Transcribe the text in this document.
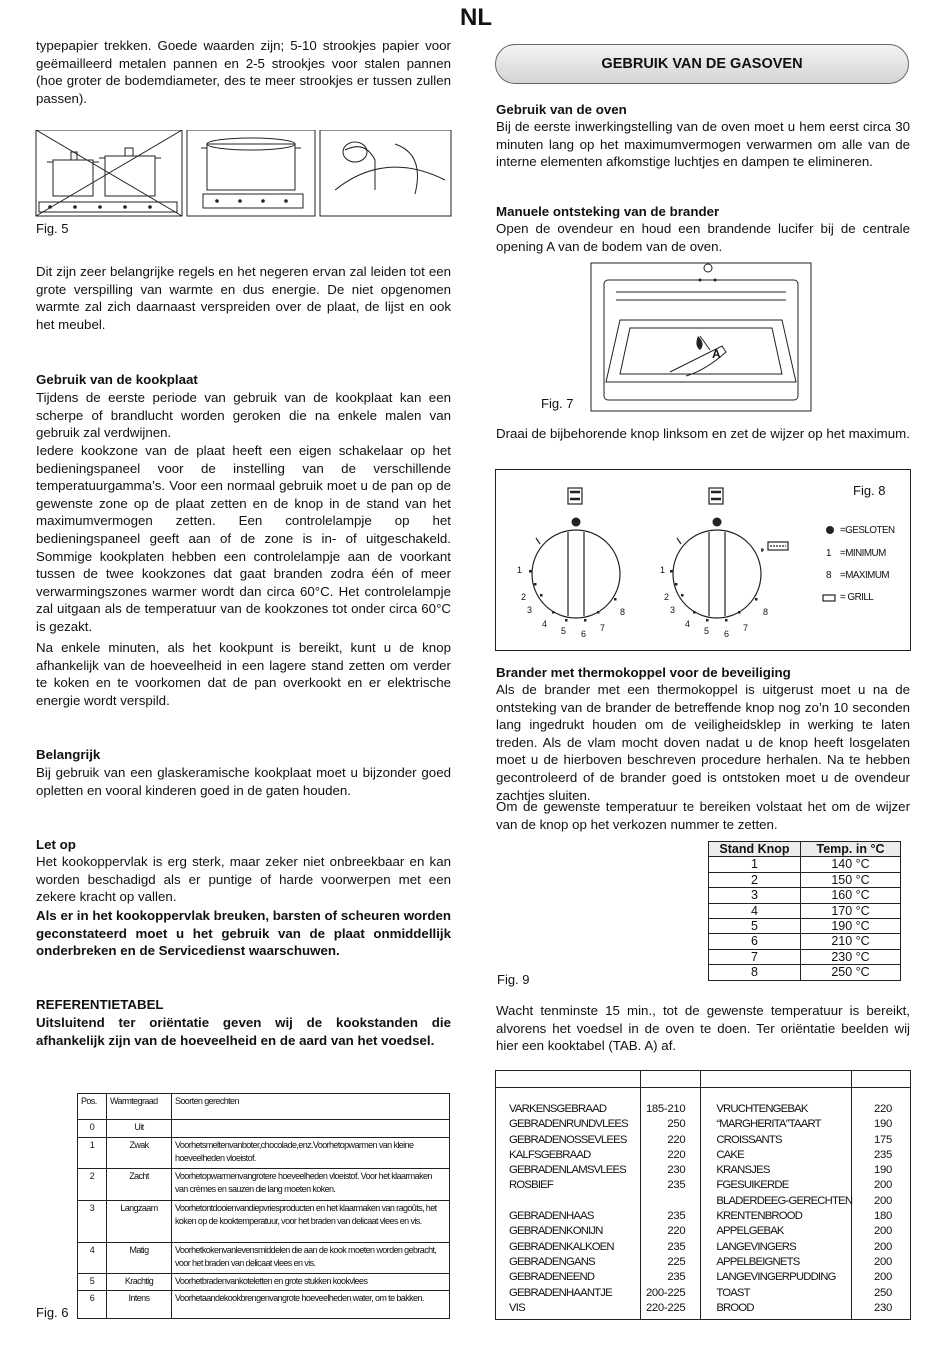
NL

typepapier trekken. Goede waarden zijn; 5-10 strookjes papier voor geëmailleerd metalen pannen en 2-5 strookjes voor stalen pannen (hoe groter de bodemdiameter, des te meer strookjes er tussen zullen passen).

Fig. 5

Dit zijn zeer belangrijke regels en het negeren ervan zal leiden tot een grote verspilling van warmte en dus energie. De niet opgenomen warmte zal zich daarnaast verspreiden over de plaat, de lijst en ook het meubel.

Gebruik van de kookplaat

Tijdens de eerste periode van gebruik van de kookplaat kan een scherpe of brandlucht worden geroken die na enkele malen van gebruik zal verdwijnen.

Iedere kookzone van de plaat heeft een eigen schakelaar op het bedieningspaneel voor de instelling van de verschillende temperatuurgamma’s. Voor een normaal gebruik moet u de pan op de gewenste zone op de plaat zetten en de knop in de stand van het maximumvermogen zetten. Een controlelampje op het bedieningspaneel geeft aan of de zone is in- of uitgeschakeld. Sommige kookplaten hebben een controlelampje aan de voorkant tussen de twee kookzones dat gaat branden zodra één of meer verwarmingszones warmer wordt dan circa 60°C. Het controlelampje zal uitgaan als de temperatuur van de kookzones tot onder circa 60°C is gezakt.

Na enkele minuten, als het kookpunt is bereikt, kunt u de knop afhankelijk van de hoeveelheid in een lagere stand zetten om verder te koken en te voorkomen dat de pan overkookt en er elektrische energie wordt verspild.

Belangrijk

Bij gebruik van een glaskeramische kookplaat moet u bijzonder goed opletten en vooral kinderen goed in de gaten houden.

Let op

Het kookoppervlak is erg sterk, maar zeker niet onbreekbaar en kan worden beschadigd als er puntige of harde voorwerpen met een zekere kracht op vallen.

Als er in het kookoppervlak breuken, barsten of scheuren worden geconstateerd moet u het gebruik van de plaat onmiddellijk onderbreken en de Servicedienst waarschuwen.

REFERENTIETABEL

Uitsluitend ter oriëntatie geven wij de kookstanden die afhankelijk zijn van de hoeveelheid en de aard van het voedsel.

Pos.	Warmtegraad	Soorten gerechten
0	Uit	
1	Zwak	Voorhetsmeltenvanboter,chocolade,enz.Voorhetopwarmen van kleine hoeveelheden vloeistof.
2	Zacht	Voorhetopwarmenvangrotere hoeveelheden vloeistof. Voor het klaarmaken van crèmes en sauzen die lang moeten koken.
3	Langzaam	Voorhetontdooienvandiepvriesproducten en het klaarmaken van ragoûts, het koken op de kooktemperatuur, voor het braden van delicaat vlees en vis.
4	Matig	Voorhetkokenvanlevensmiddelen die aan de kook moeten worden gebracht, voor het braden van delicaat vlees en vis.
5	Krachtig	Voorhetbradenvankoteletten en grote stukken kookvlees
6	Intens	Voorhetaandekookbrengenvangrote hoeveelheden water, om te bakken.
Fig. 6
GEBRUIK VAN DE GASOVEN

Gebruik van de oven

Bij de eerste inwerkingstelling van de oven moet u hem eerst circa 30 minuten lang op het maximumvermogen verwarmen om alle van de interne elementen afkomstige luchtjes en dampen te elimineren.

Manuele ontsteking van de brander

Open de ovendeur en houd een brandende lucifer bij de centrale opening A van de bodem van de oven.

A
Fig. 7

Draai de bijbehorende knop linksom en zet de wijzer op het maximum.

1
2
3
4
5 6
7
8
1
2
3
4
5 6
7
8
Fig. 8
=GESLOTEN
1 =MINIMUM
8 =MAXIMUM
= GRILL

Brander met thermokoppel voor de beveiliging

Als de brander met een thermokoppel is uitgerust moet u na de ontsteking van de brander de betreffende knop nog zo’n 10 seconden lang ingedrukt houden om de veiligheidsklep in werking te laten treden. Als de vlam mocht doven nadat u de knop heeft losgelaten moet u de hierboven beschreven procedure herhalen. Na te hebben gecontroleerd of de brander goed is ontstoken moet u de ovendeur zachtjes sluiten.

Om de gewenste temperatuur te bereiken volstaat het om de wijzer van de knop op het verkozen nummer te zetten.

Stand Knop	Temp. in °C
1	140 °C
2	150 °C
3	160 °C
4	170 °C
5	190 °C
6	210 °C
7	230 °C
8	250 °C
Fig. 9

Wacht tenminste 15 min., tot de gewenste temperatuur is bereikt, alvorens het voedsel in de oven te doen. Ter oriëntatie beelden wij hier een kooktabel (TAB. A) af.

VARKENSGEBRAAD	185-210	VRUCHTENGEBAK	220
GEBRADENRUNDVLEES	250	“MARGHERITA”TAART	190
GEBRADENOSSEVLEES	220	CROISSANTS	175
KALFSGEBRAAD	220	CAKE	235
GEBRADENLAMSVLEES	230	KRANSJES	190
ROSBIEF	235	FGESUIKERDE	200
		BLADERDEEG-GERECHTEN	200
GEBRADENHAAS	235	KRENTENBROOD	180
GEBRADENKONIJN	220	APPELGEBAK	200
GEBRADENKALKOEN	235	LANGEVINGERS	200
GEBRADENGANS	225	APPELBEIGNETS	200
GEBRADENEEND	235	LANGEVINGERPUDDING	200
GEBRADENHAANTJE	200-225	TOAST	250
VIS	220-225	BROOD	230
